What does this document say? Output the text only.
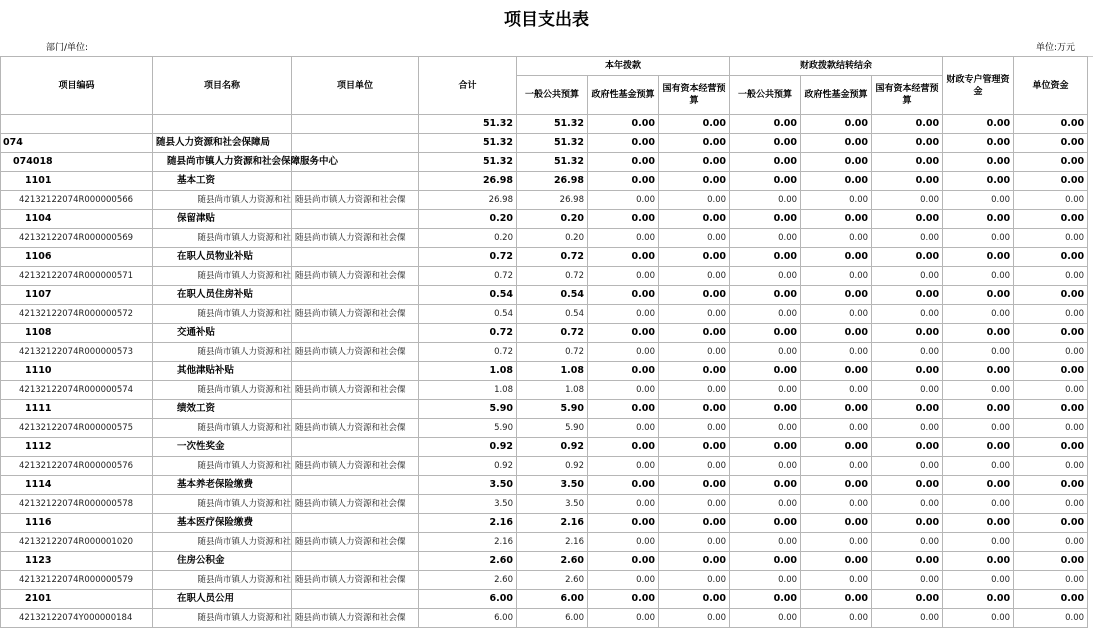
项目支出表
部门/单位:	单位:万元
项目编码	项目名称	项目单位	合计	本年拨款			财政拨款结转结余			财政专户管理资金	单位资金
				一般公共预算	政府性基金预算	国有资本经营预算	一般公共预算	政府性基金预算	国有资本经营预算		
			51.32	51.32	0.00	0.00	0.00	0.00	0.00	0.00	0.00
074	随县人力资源和社会保障局		51.32	51.32	0.00	0.00	0.00	0.00	0.00	0.00	0.00
074018	随县尚市镇人力资源和社会保障服务中心		51.32	51.32	0.00	0.00	0.00	0.00	0.00	0.00	0.00
1101	基本工资		26.98	26.98	0.00	0.00	0.00	0.00	0.00	0.00	0.00
42132122074R000000566	随县尚市镇人力资源和社	随县尚市镇人力资源和社会僳	26.98	26.98	0.00	0.00	0.00	0.00	0.00	0.00	0.00
1104	保留津贴		0.20	0.20	0.00	0.00	0.00	0.00	0.00	0.00	0.00
42132122074R000000569	随县尚市镇人力资源和社	随县尚市镇人力资源和社会僳	0.20	0.20	0.00	0.00	0.00	0.00	0.00	0.00	0.00
1106	在职人员物业补贴		0.72	0.72	0.00	0.00	0.00	0.00	0.00	0.00	0.00
42132122074R000000571	随县尚市镇人力资源和社	随县尚市镇人力资源和社会僳	0.72	0.72	0.00	0.00	0.00	0.00	0.00	0.00	0.00
1107	在职人员住房补贴		0.54	0.54	0.00	0.00	0.00	0.00	0.00	0.00	0.00
42132122074R000000572	随县尚市镇人力资源和社	随县尚市镇人力资源和社会僳	0.54	0.54	0.00	0.00	0.00	0.00	0.00	0.00	0.00
1108	交通补贴		0.72	0.72	0.00	0.00	0.00	0.00	0.00	0.00	0.00
42132122074R000000573	随县尚市镇人力资源和社	随县尚市镇人力资源和社会僳	0.72	0.72	0.00	0.00	0.00	0.00	0.00	0.00	0.00
1110	其他津贴补贴		1.08	1.08	0.00	0.00	0.00	0.00	0.00	0.00	0.00
42132122074R000000574	随县尚市镇人力资源和社	随县尚市镇人力资源和社会僳	1.08	1.08	0.00	0.00	0.00	0.00	0.00	0.00	0.00
1111	绩效工资		5.90	5.90	0.00	0.00	0.00	0.00	0.00	0.00	0.00
42132122074R000000575	随县尚市镇人力资源和社	随县尚市镇人力资源和社会僳	5.90	5.90	0.00	0.00	0.00	0.00	0.00	0.00	0.00
1112	一次性奖金		0.92	0.92	0.00	0.00	0.00	0.00	0.00	0.00	0.00
42132122074R000000576	随县尚市镇人力资源和社	随县尚市镇人力资源和社会僳	0.92	0.92	0.00	0.00	0.00	0.00	0.00	0.00	0.00
1114	基本养老保险缴费		3.50	3.50	0.00	0.00	0.00	0.00	0.00	0.00	0.00
42132122074R000000578	随县尚市镇人力资源和社	随县尚市镇人力资源和社会僳	3.50	3.50	0.00	0.00	0.00	0.00	0.00	0.00	0.00
1116	基本医疗保险缴费		2.16	2.16	0.00	0.00	0.00	0.00	0.00	0.00	0.00
42132122074R000001020	随县尚市镇人力资源和社	随县尚市镇人力资源和社会僳	2.16	2.16	0.00	0.00	0.00	0.00	0.00	0.00	0.00
1123	住房公积金		2.60	2.60	0.00	0.00	0.00	0.00	0.00	0.00	0.00
42132122074R000000579	随县尚市镇人力资源和社	随县尚市镇人力资源和社会僳	2.60	2.60	0.00	0.00	0.00	0.00	0.00	0.00	0.00
2101	在职人员公用		6.00	6.00	0.00	0.00	0.00	0.00	0.00	0.00	0.00
42132122074Y000000184	随县尚市镇人力资源和社	随县尚市镇人力资源和社会僳	6.00	6.00	0.00	0.00	0.00	0.00	0.00	0.00	0.00
